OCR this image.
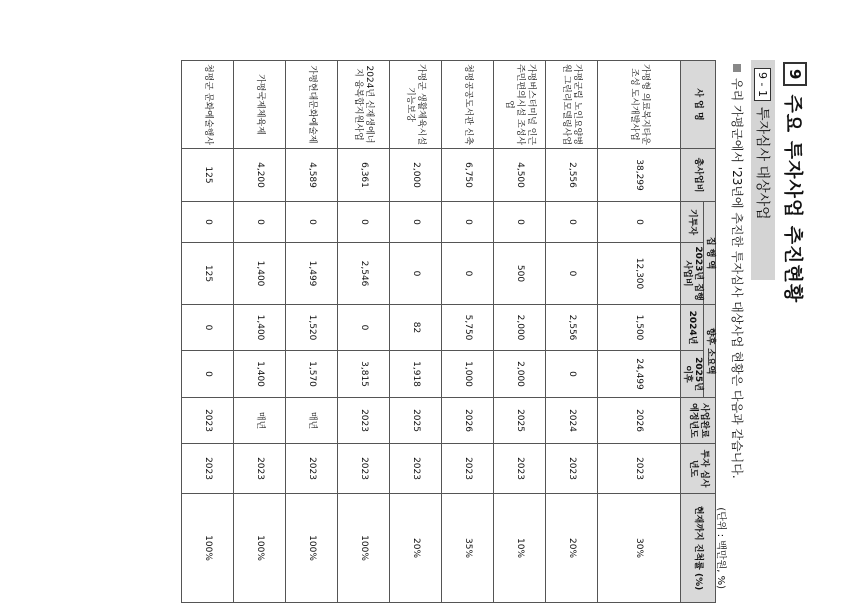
9
주요 투자사업 추진현황
9 - 1
투자심사 대상사업
우리 가평군에서 '23년에 추진한 투자심사 대상사업 현황은 다음과 같습니다.
(단위 : 백만원, %)
사 업 명	총사업비	집 행 액		향후 소요액		사업완료 예정년도	투자 심사년도	현재까지 진척률 (%)
		기투자	2023년 집행사업비	2024년	2025년 이후			
가평형 의료복지타운 조성 도시개발사업	38,299	0	12,300	1,500	24,499	2026	2023	30%
가평군립 노인요양병원 그린리모델링사업	2,556	0	0	2,556	0	2024	2023	20%
가평버스터미널 인근 주민편의시설 조성사업	4,500	0	500	2,000	2,000	2025	2023	10%
청평공공도서관 신축	6,750	0	0	5,750	1,000	2026	2023	35%
가평군 생활체육시설 기능보강	2,000	0	0	82	1,918	2025	2023	20%
2024년 신재생에너지 융복합지원사업	6,361	0	2,546	0	3,815	2023	2023	100%
가평현대문화예술제	4,589	0	1,499	1,520	1,570	매년	2023	100%
가평국제체육제	4,200	0	1,400	1,400	1,400	매년	2023	100%
청평군 문화예술행사	125	0	125	0	0	2023	2023	100%
